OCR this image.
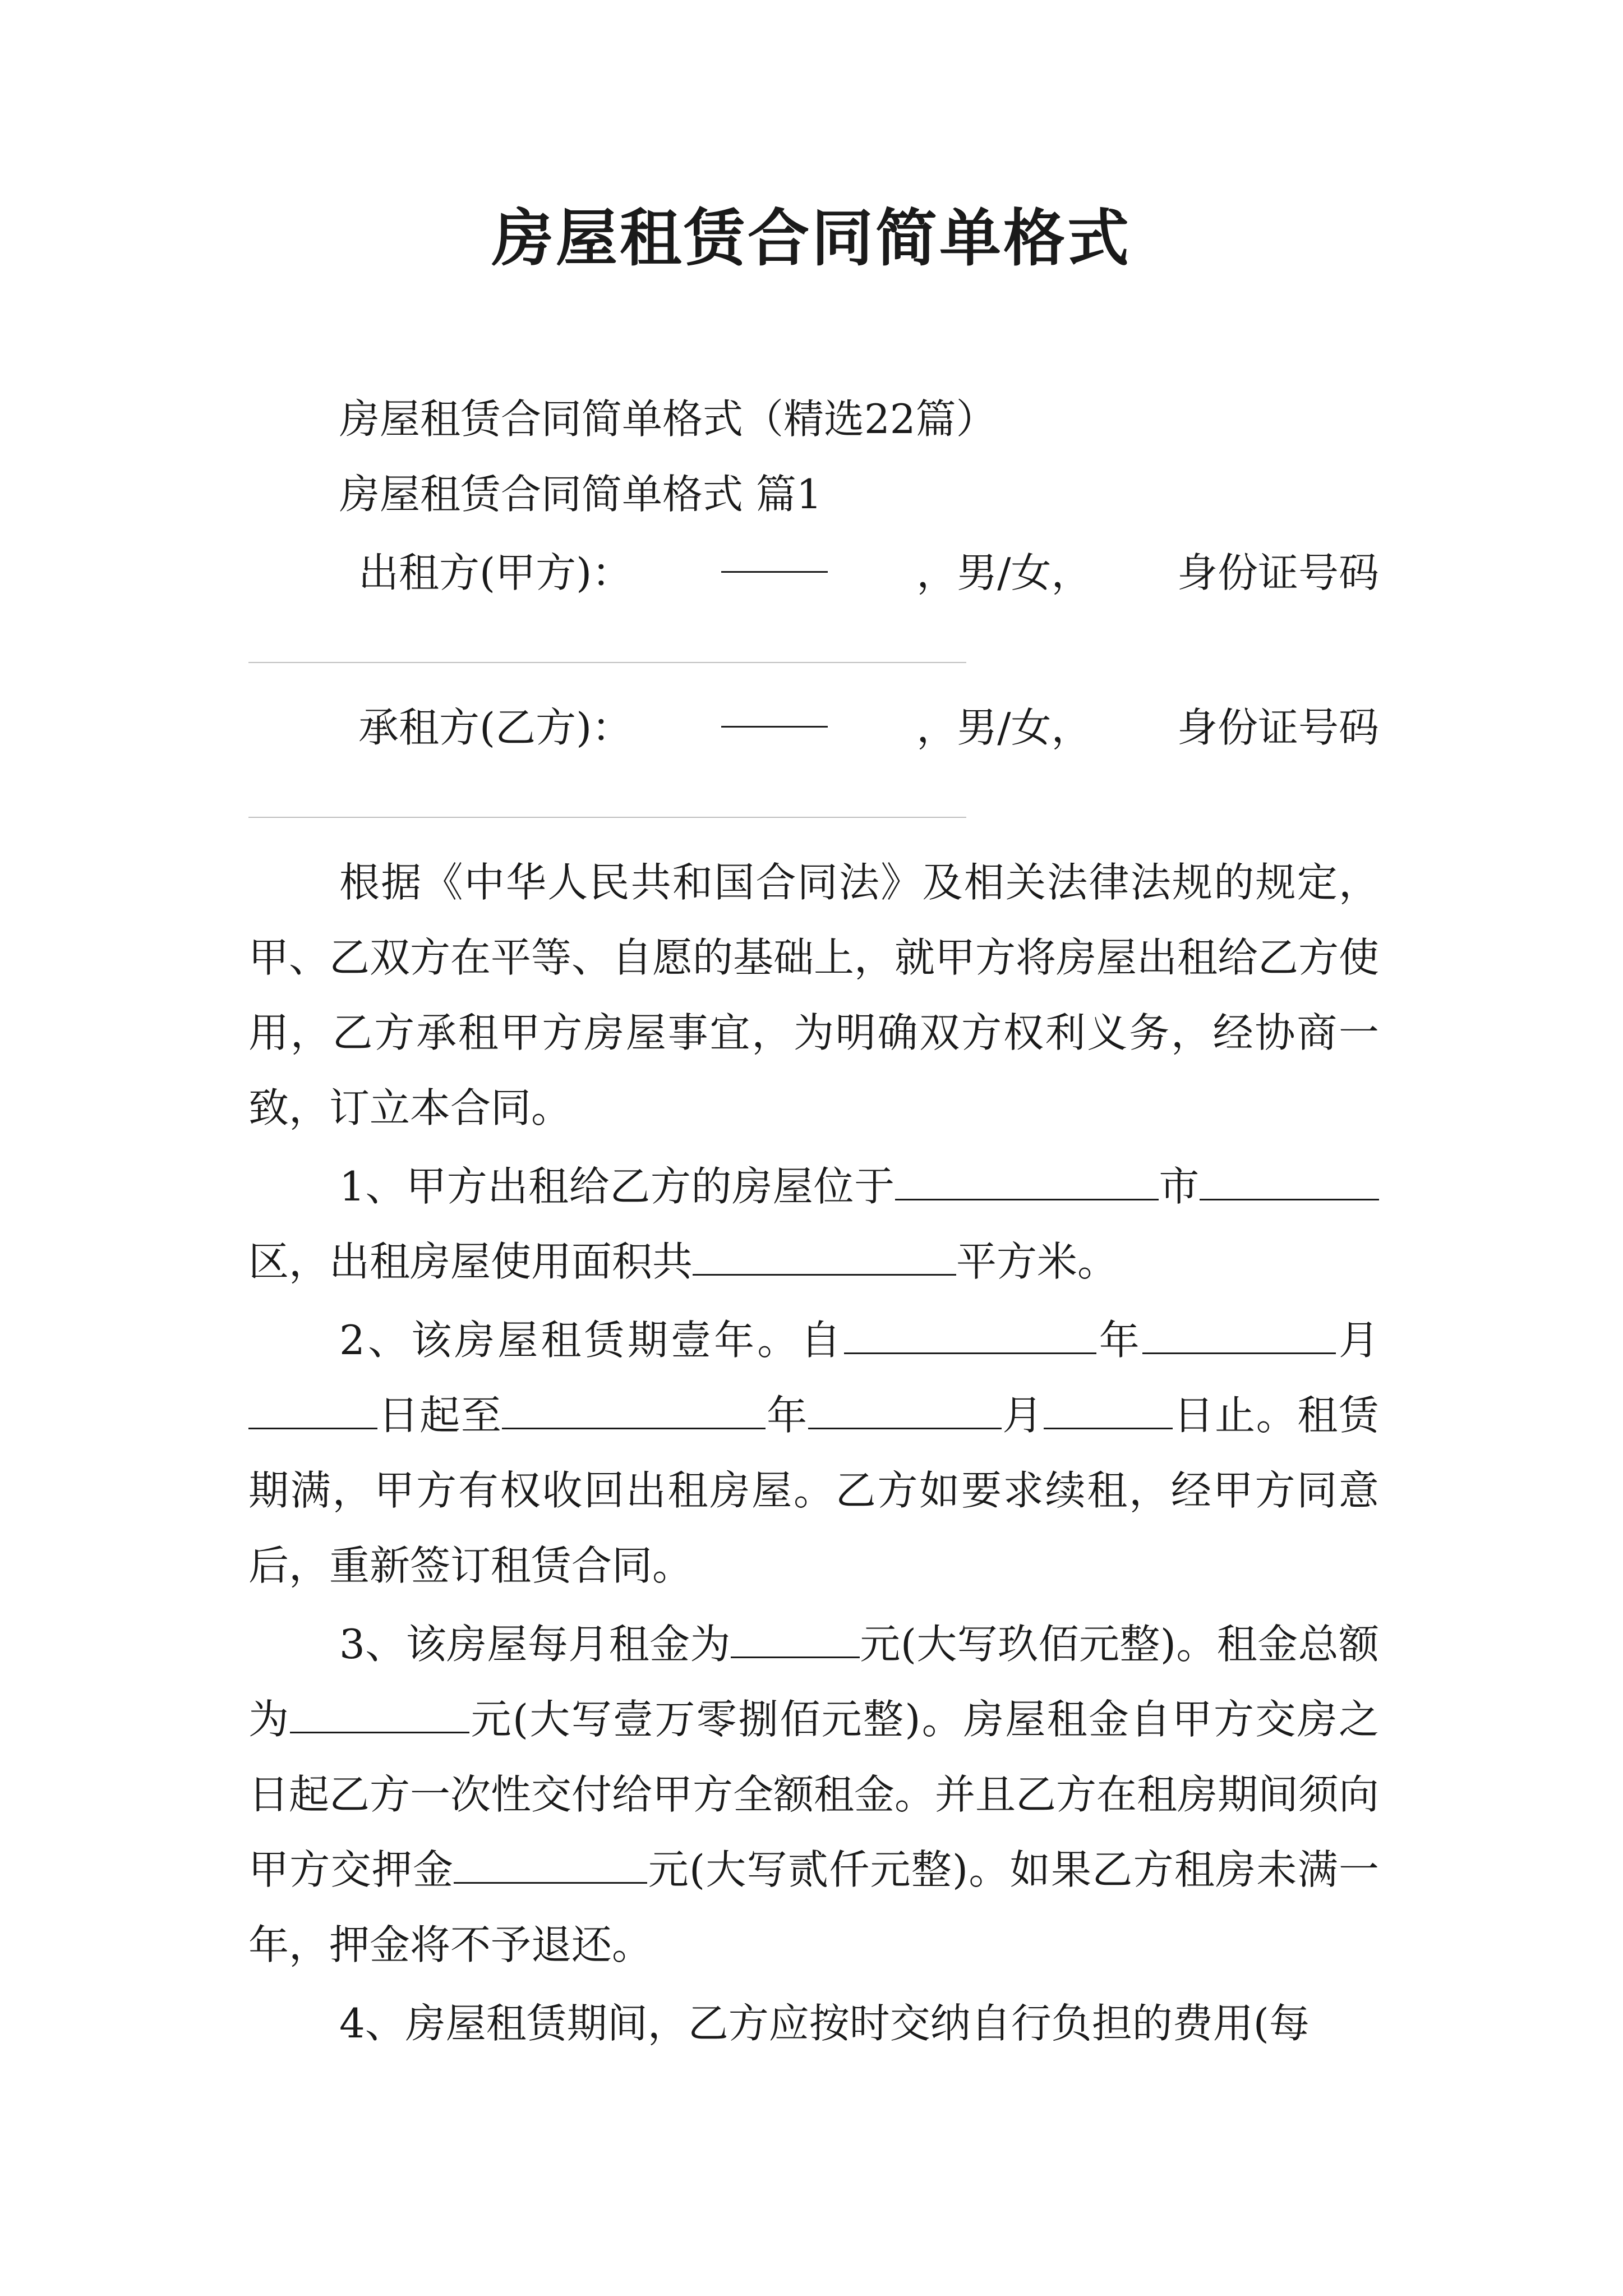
房屋租赁合同简单格式
房屋租赁合同简单格式（精选22篇）
房屋租赁合同简单格式 篇1
出租方(甲方)：	，男/女， 身份证号码
承租方(乙方)：	，男/女， 身份证号码
根据《中华人民共和国合同法》及相关法律法规的规定，甲、乙双方在平等、自愿的基础上，就甲方将房屋出租给乙方使用，乙方承租甲方房屋事宜，为明确双方权利义务，经协商一致，订立本合同。
1、甲方出租给乙方的房屋位于	市区，出租房屋使用面积共	平方米。
2、该房屋租赁期壹年。自	年	月日起至	年	月	日止。租赁期满，甲方有权收回出租房屋。乙方如要求续租，经甲方同意后，重新签订租赁合同。
3、该房屋每月租金为	元(大写玖佰元整)。租金总额为	元(大写壹万零捌佰元整)。房屋租金自甲方交房之日起乙方一次性交付给甲方全额租金。并且乙方在租房期间须向甲方交押金	元(大写贰仟元整)。如果乙方租房未满一年，押金将不予退还。
4、房屋租赁期间，乙方应按时交纳自行负担的费用(每
